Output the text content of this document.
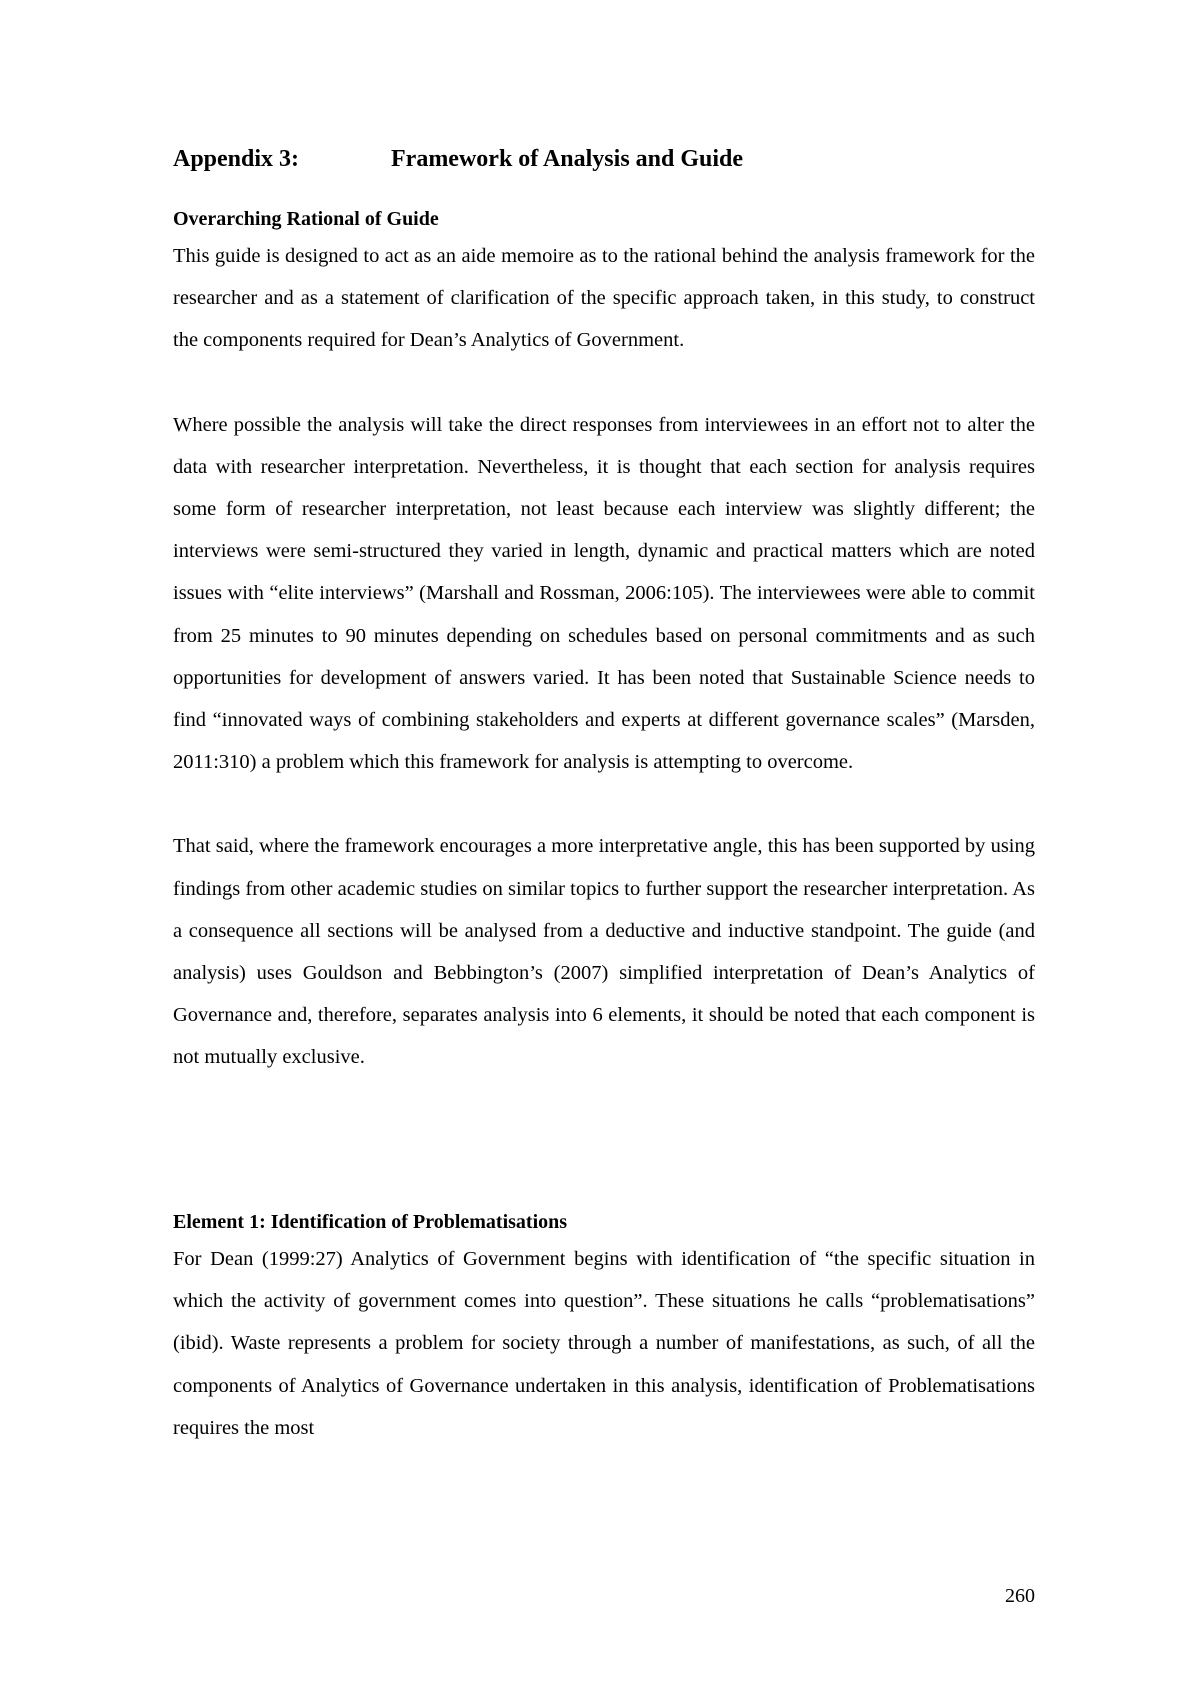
Appendix 3:	Framework of Analysis and Guide
Overarching Rational of Guide

This guide is designed to act as an aide memoire as to the rational behind the analysis framework for the researcher and as a statement of clarification of the specific approach taken, in this study, to construct the components required for Dean’s Analytics of Government.

Where possible the analysis will take the direct responses from interviewees in an effort not to alter the data with researcher interpretation. Nevertheless, it is thought that each section for analysis requires some form of researcher interpretation, not least because each interview was slightly different; the interviews were semi-structured they varied in length, dynamic and practical matters which are noted issues with “elite interviews” (Marshall and Rossman, 2006:105). The interviewees were able to commit from 25 minutes to 90 minutes depending on schedules based on personal commitments and as such opportunities for development of answers varied. It has been noted that Sustainable Science needs to find “innovated ways of combining stakeholders and experts at different governance scales” (Marsden, 2011:310) a problem which this framework for analysis is attempting to overcome.

That said, where the framework encourages a more interpretative angle, this has been supported by using findings from other academic studies on similar topics to further support the researcher interpretation. As a consequence all sections will be analysed from a deductive and inductive standpoint. The guide (and analysis) uses Gouldson and Bebbington’s (2007) simplified interpretation of Dean’s Analytics of Governance and, therefore, separates analysis into 6 elements, it should be noted that each component is not mutually exclusive.

Element 1: Identification of Problematisations

For Dean (1999:27) Analytics of Government begins with identification of “the specific situation in which the activity of government comes into question”. These situations he calls “problematisations” (ibid). Waste represents a problem for society through a number of manifestations, as such, of all the components of Analytics of Governance undertaken in this analysis, identification of Problematisations requires the most

260
